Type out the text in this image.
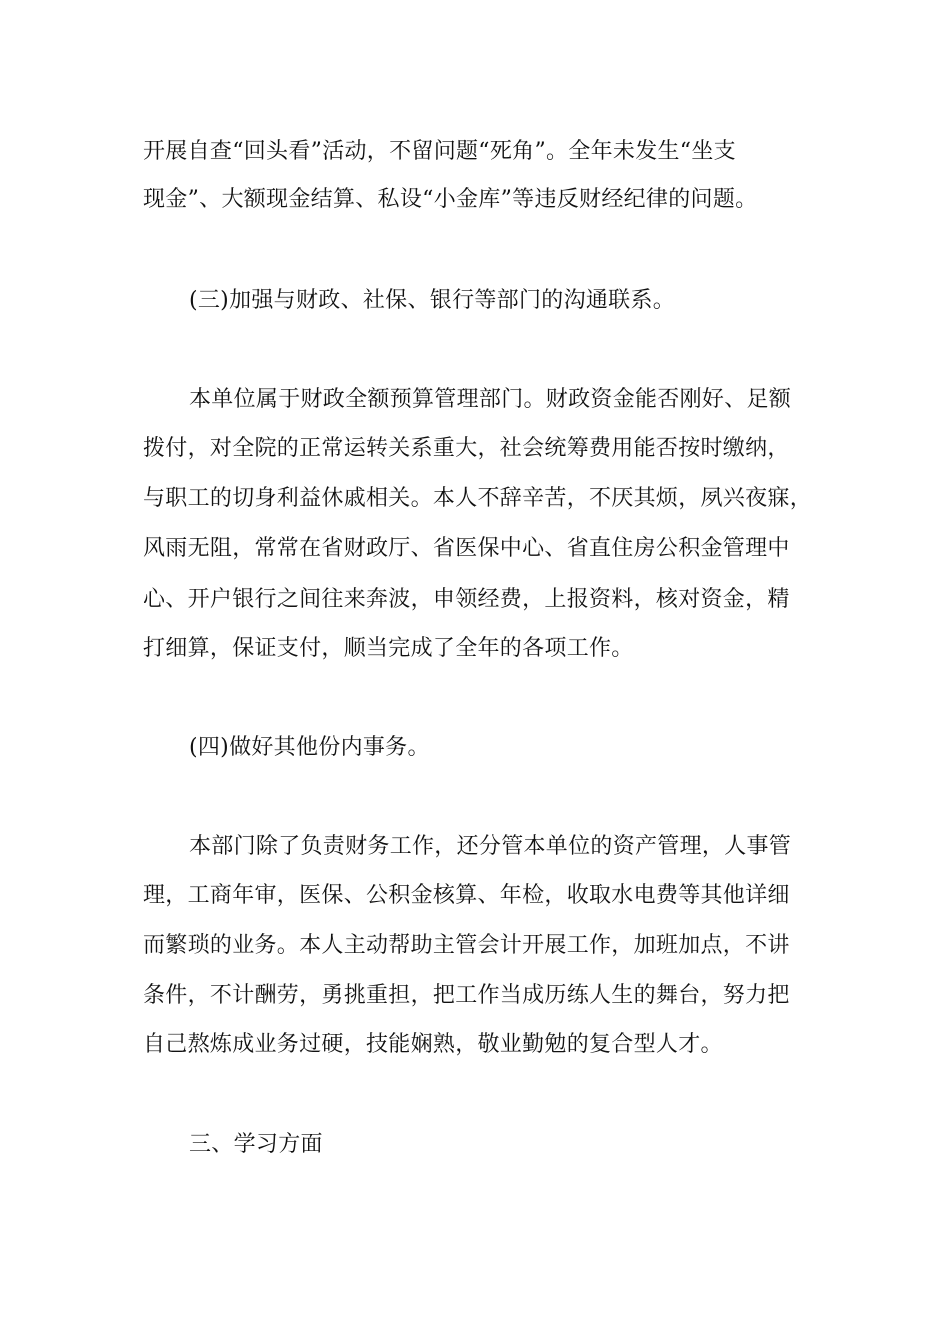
开展自查“回头看”活动，不留问题“死角”。全年未发生“坐支
现金”、大额现金结算、私设“小金库”等违反财经纪律的问题。
(三)加强与财政、社保、银行等部门的沟通联系。
本单位属于财政全额预算管理部门。财政资金能否刚好、足额
拨付，对全院的正常运转关系重大，社会统筹费用能否按时缴纳，
与职工的切身利益休戚相关。本人不辞辛苦，不厌其烦，夙兴夜寐，
风雨无阻，常常在省财政厅、省医保中心、省直住房公积金管理中
心、开户银行之间往来奔波，申领经费，上报资料，核对资金，精
打细算，保证支付，顺当完成了全年的各项工作。
(四)做好其他份内事务。
本部门除了负责财务工作，还分管本单位的资产管理，人事管
理，工商年审，医保、公积金核算、年检，收取水电费等其他详细
而繁琐的业务。本人主动帮助主管会计开展工作，加班加点，不讲
条件，不计酬劳，勇挑重担，把工作当成历练人生的舞台，努力把
自己熬炼成业务过硬，技能娴熟，敬业勤勉的复合型人才。
三、学习方面
